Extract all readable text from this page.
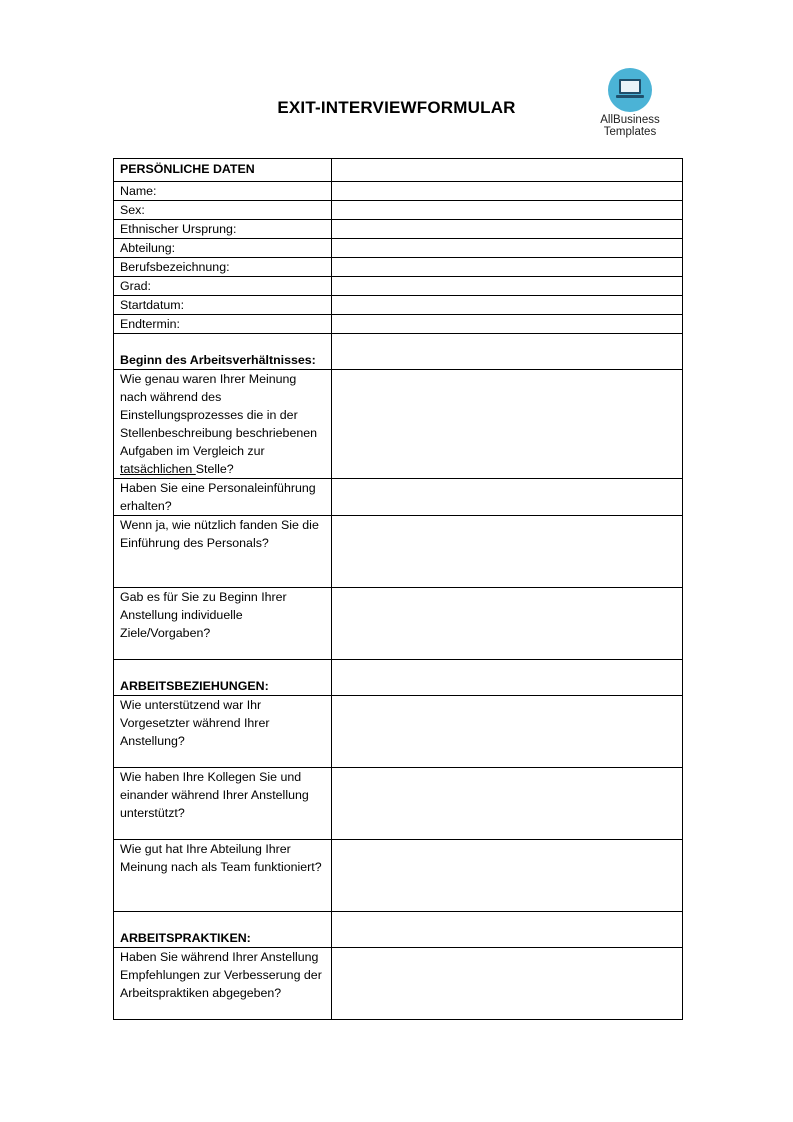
EXIT-INTERVIEWFORMULAR
AllBusiness
Templates
PERSÖNLICHE DATEN	
Name:	
Sex:	
Ethnischer Ursprung:	
Abteilung:	
Berufsbezeichnung:	
Grad:	
Startdatum:	
Endtermin:	
Beginn des Arbeitsverhältnisses:	
Wie genau waren Ihrer Meinung nach während des Einstellungsprozesses die in der Stellenbeschreibung beschriebenen Aufgaben im Vergleich zur tatsächlichen Stelle?	
Haben Sie eine Personaleinführung erhalten?	
Wenn ja, wie nützlich fanden Sie die Einführung des Personals?	
Gab es für Sie zu Beginn Ihrer Anstellung individuelle Ziele/Vorgaben?	
ARBEITSBEZIEHUNGEN:	
Wie unterstützend war Ihr Vorgesetzter während Ihrer Anstellung?	
Wie haben Ihre Kollegen Sie und einander während Ihrer Anstellung unterstützt?	
Wie gut hat Ihre Abteilung Ihrer Meinung nach als Team funktioniert?	
ARBEITSPRAKTIKEN:	
Haben Sie während Ihrer Anstellung Empfehlungen zur Verbesserung der Arbeitspraktiken abgegeben?	
